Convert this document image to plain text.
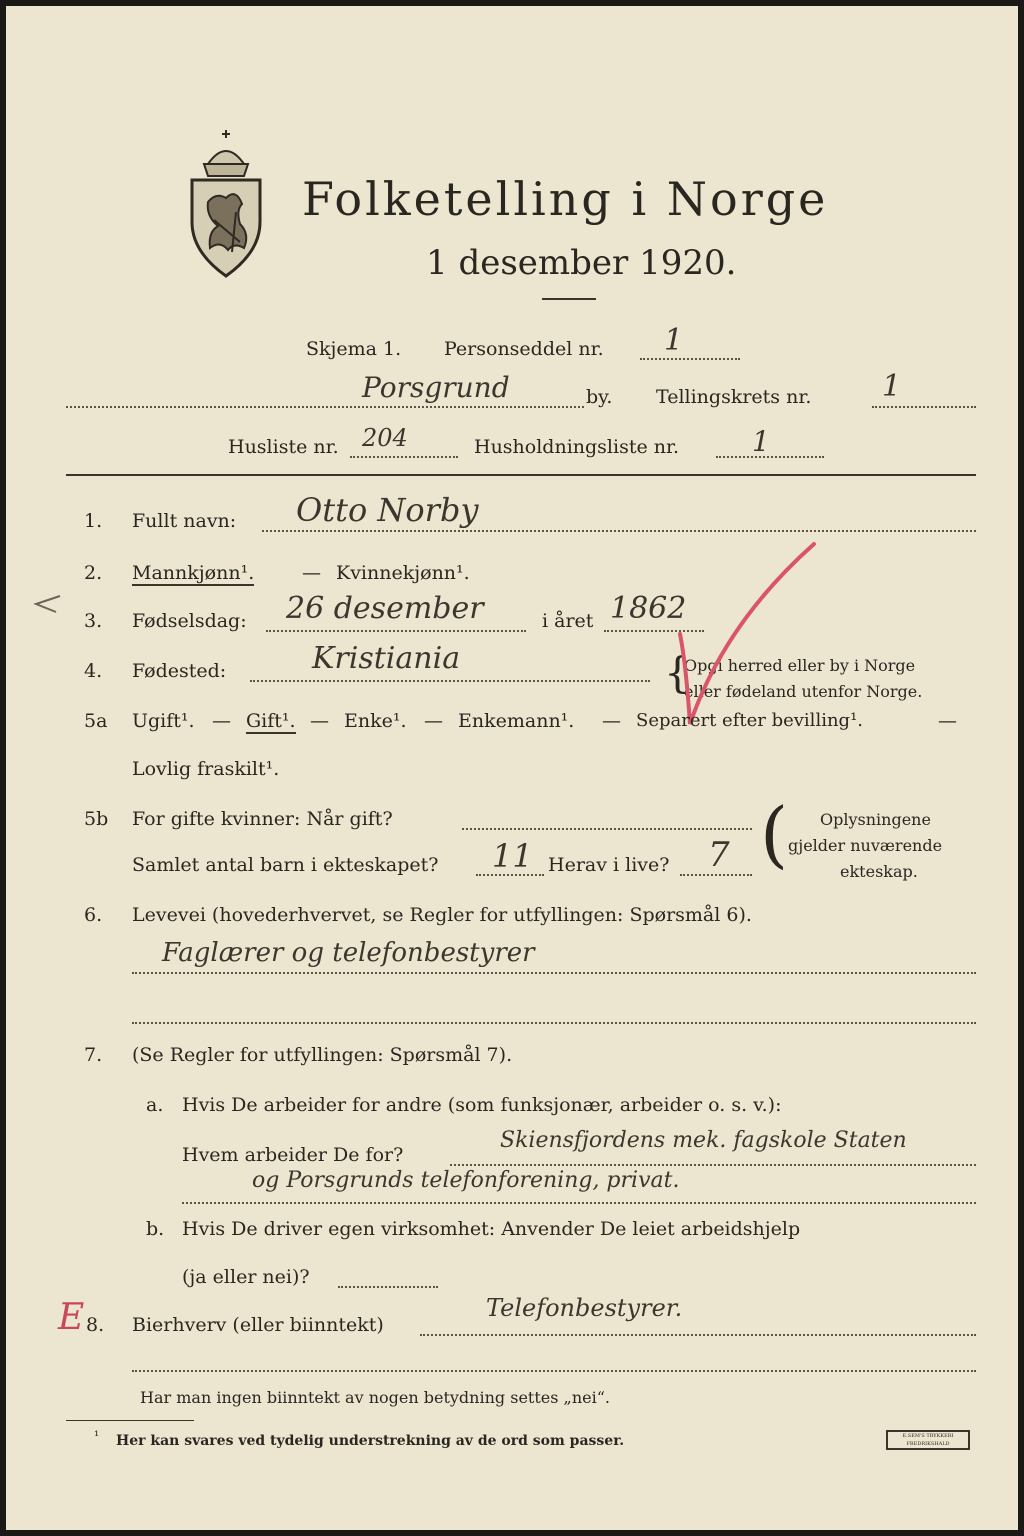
Folketelling i Norge
1 desember 1920.
Skjema 1. Personseddel nr. 1
Porsgrund	by. Tellingskrets nr. 1
Husliste nr. 204	Husholdningsliste nr.	1
1. Fullt navn: Otto Norby
2. Mannkjønn¹.	— Kvinnekjønn¹.
3. Fødselsdag: 26 desember	i året 1862
4. Fødested:	Kristiania	{
Opgi herred eller by i Norge
eller fødeland utenfor Norge.
5a Ugift¹. — Gift¹. — Enke¹. — Enkemann¹. — Separert efter bevilling¹.	—
Lovlig fraskilt¹.
5b For gifte kvinner: Når gift?
Samlet antal barn i ekteskapet? 11 Herav i live? 7 ( Oplysningene
gjelder nuværende
ekteskap.
6. Levevei (hovederhvervet, se Regler for utfyllingen: Spørsmål 6).
Faglærer og telefonbestyrer
7. (Se Regler for utfyllingen: Spørsmål 7).
a. Hvis De arbeider for andre (som funksjonær, arbeider o. s. v.):
Hvem arbeider De for?
Skiensfjordens mek. fagskole Staten
og Porsgrunds telefonforening, privat.
b. Hvis De driver egen virksomhet: Anvender De leiet arbeidshjelp
(ja eller nei)?
E 8. Bierhverv (eller biinntekt)
Telefonbestyrer.
Har man ingen biinntekt av nogen betydning settes „nei“.
¹ Her kan svares ved tydelig understrekning av de ord som passer.	E.SEM'S TRYKKERI FREDRIKSHALD
